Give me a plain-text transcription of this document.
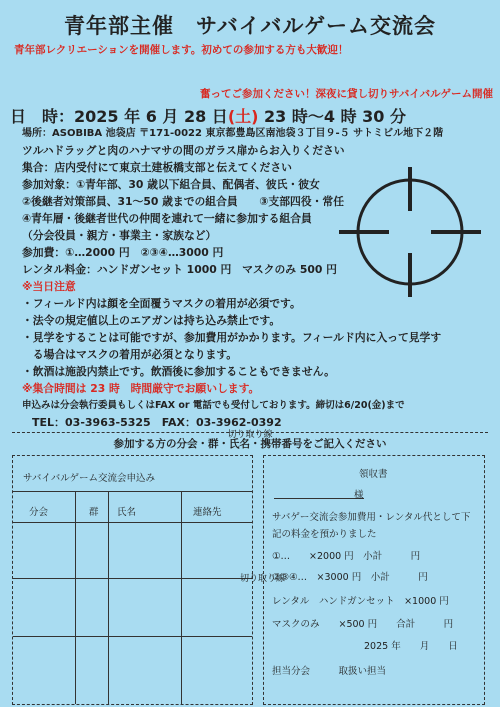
青年部主催　サバイバルゲーム交流会
青年部レクリエーションを開催します。初めての参加する方も大歓迎！
奮ってご参加ください！深夜に貸し切りサバイバルゲーム開催
日　時：2025 年 6 月 28 日(土) 23 時〜4 時 30 分
場所：ASOBIBA 池袋店 〒171-0022 東京都豊島区南池袋３丁目９-５ サトミビル地下２階
ツルハドラッグと肉のハナマサの間のガラス扉からお入りください
集合：店内受付にて東京土建板橋支部と伝えてください
参加対象：①青年部、30 歳以下組合員、配偶者、彼氏・彼女
②後継者対策部員、31〜50 歳までの組合員　　③支部四役・常任
④青年層・後継者世代の仲間を連れて一緒に参加する組合員
（分会役員・親方・事業主・家族など）
参加費：①…2000 円　②③④…3000 円
レンタル料金：ハンドガンセット 1000 円　マスクのみ 500 円
※当日注意
・フィールド内は顔を全面覆うマスクの着用が必須です。
・法令の規定値以上のエアガンは持ち込み禁止です。
・見学をすることは可能ですが、参加費用がかかります。フィールド内に入って見学す
　る場合はマスクの着用が必須となります。
・飲酒は施設内禁止です。飲酒後に参加することもできません。
※集合時間は 23 時　時間厳守でお願いします。
申込みは分会執行委員もしくはFAX or 電話でも受付しております。締切は6/20(金)まで
TEL：03-3963-5325　 FAX：03-3962-0392
切り取り線
参加する方の分会・群・氏名・携帯番号をご記入ください
サバイバルゲーム交流会申込み
分会	群 氏名	連絡先
領収書
様
サバゲー交流会参加費用・レンタル代として下
記の料金を預かりました
①…　　×2000 円　小計　　　円
②③④…　×3000 円　小計　　　円
レンタル　ハンドガンセット　×1000 円
マスクのみ　　×500 円　　合計　　　円
2025 年　　月　　日
担当分会　　　取扱い担当
切り取り線
